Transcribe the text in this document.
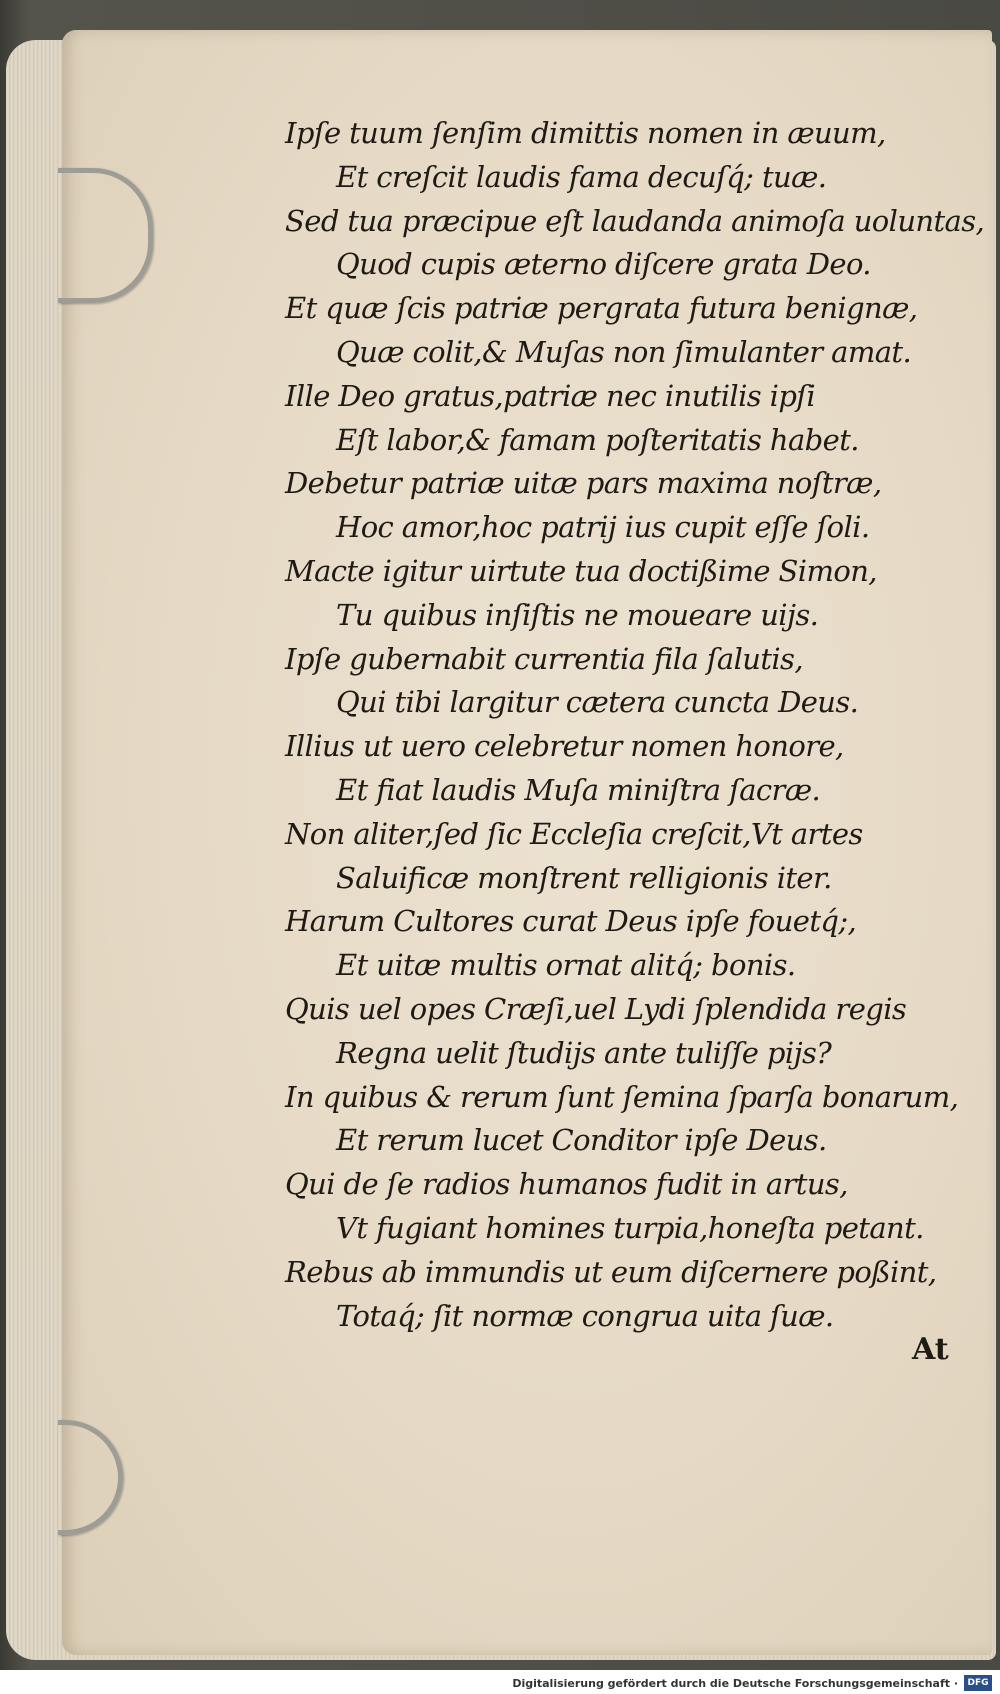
Ipſe tuum ſenſim dimittis nomen in æuum,
Et creſcit laudis fama decuſq́; tuæ.
Sed tua præcipue eſt laudanda animoſa uoluntas,
Quod cupis æterno diſcere grata Deo.
Et quæ ſcis patriæ pergrata futura benignæ,
Quæ colit,& Muſas non ſimulanter amat.
Ille Deo gratus,patriæ nec inutilis ipſi
Eſt labor,& famam poſteritatis habet.
Debetur patriæ uitæ pars maxima noſtræ,
Hoc amor,hoc patrij ius cupit eſſe ſoli.
Macte igitur uirtute tua doctißime Simon,
Tu quibus inſiſtis ne moueare uijs.
Ipſe gubernabit currentia fila ſalutis,
Qui tibi largitur cætera cuncta Deus.
Illius ut uero celebretur nomen honore,
Et fiat laudis Muſa miniſtra ſacræ.
Non aliter,ſed ſic Eccleſia creſcit,Vt artes
Saluificæ monſtrent relligionis iter.
Harum Cultores curat Deus ipſe fouetq́;,
Et uitæ multis ornat alitq́; bonis.
Quis uel opes Cræſi,uel Lydi ſplendida regis
Regna uelit ſtudijs ante tuliſſe pijs?
In quibus & rerum ſunt ſemina ſparſa bonarum,
Et rerum lucet Conditor ipſe Deus.
Qui de ſe radios humanos fudit in artus,
Vt fugiant homines turpia,honeſta petant.
Rebus ab immundis ut eum diſcernere poßint,
Totaq́; ſit normæ congrua uita ſuæ.
At
Digitalisierung gefördert durch die Deutsche Forschungsgemeinschaft ·	DFG
